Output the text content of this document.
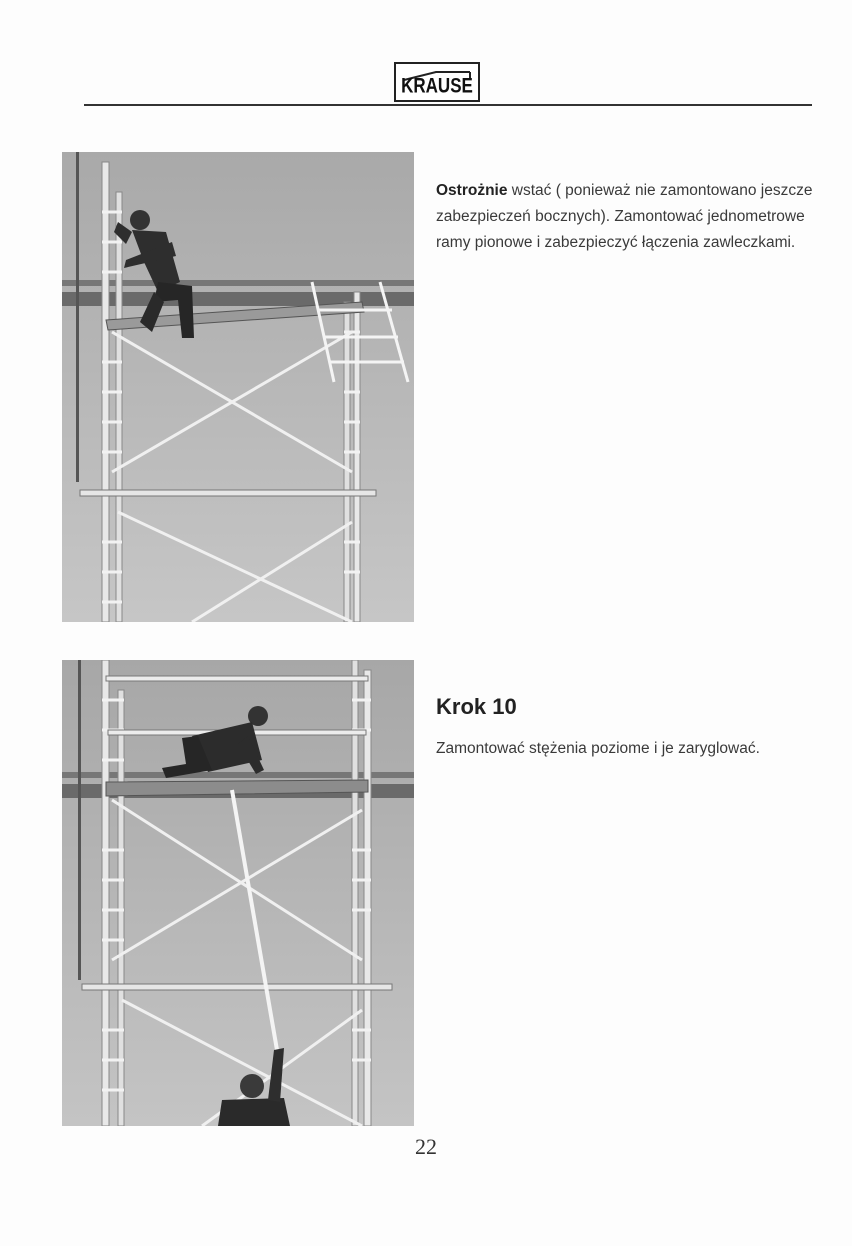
KRAUSE
Ostrożnie wstać ( ponieważ nie zamontowano jeszcze zabezpieczeń bocznych). Zamontować jednometrowe ramy pionowe i zabezpieczyć łączenia zawleczkami.
Krok 10
Zamontować stężenia poziome i je zaryglować.
22
